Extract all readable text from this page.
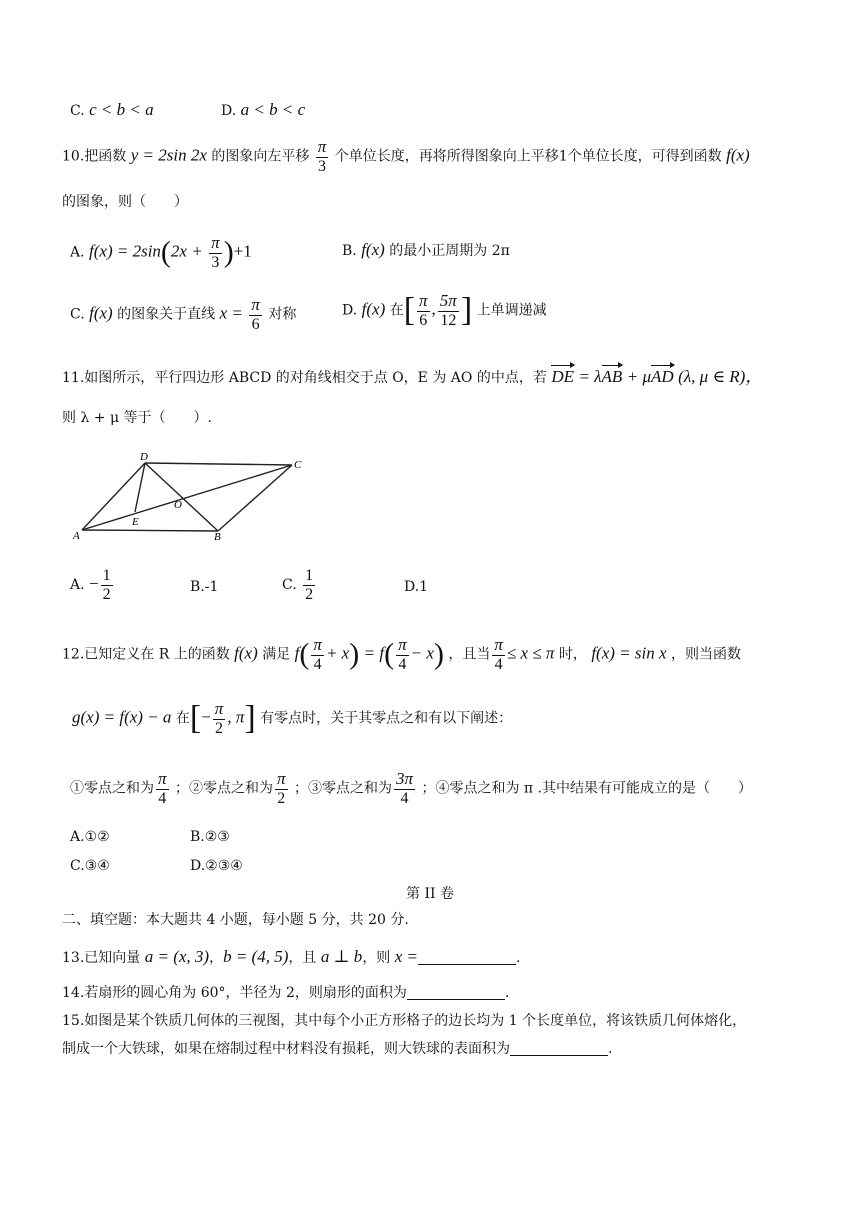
C. c < b < a	D. a < b < c
10.把函数 y = 2sin 2x 的图象向左平移 $\frac{\pi}{3}$ 个单位长度，再将所得图象向上平移1个单位长度，可得到函数 f(x)
的图象，则（　　）
A. $f(x) = 2\sin(2x + \frac{\pi}{3} )+1$	B. f(x) 的最小正周期为 2π
C. f(x) 的图象关于直线 $x = \frac{\pi}{6}$ 对称	D. f(x) 在[ $\frac{\pi}{6}$ , $\frac{5\pi}{12}$ ] 上单调递减
11.如图所示，平行四边形 ABCD 的对角线相交于点 O，E 为 AO 的中点，若 DE = λAB + μAD (λ, μ ∈ R)，
则 λ + μ 等于（　　）.
D
C
O
E
A	B
A. − $\frac{1}{2}$	B.-1	C. $\frac{1}{2}$	D.1
12.已知定义在 R 上的函数 f(x) 满足 $f( \frac{\pi}{4} + x) = f( \frac{\pi}{4} - x)$ ，且当 $\frac{\pi}{4} \le x \le \pi$ 时， f(x) = sin x ，则当函数
g(x) = f(x) − a 在[− $\frac{\pi}{2}$ , π] 有零点时，关于其零点之和有以下阐述：
①零点之和为 $\frac{\pi}{4}$ ；②零点之和为 $\frac{\pi}{2}$ ；③零点之和为 $\frac{3\pi}{4}$ ；④零点之和为 π .其中结果有可能成立的是（　　）
A.①②	B.②③
C.③④	D.②③④
第 II 卷
二、填空题：本大题共 4 小题，每小题 5 分，共 20 分.
13.已知向量 a = (x, 3)，b = (4, 5)，且 a ⊥ b，则 x =	.
14.若扇形的圆心角为 60°，半径为 2，则扇形的面积为	.
15.如图是某个铁质几何体的三视图，其中每个小正方形格子的边长均为 1 个长度单位，将该铁质几何体熔化，
制成一个大铁球，如果在熔制过程中材料没有损耗，则大铁球的表面积为	.
